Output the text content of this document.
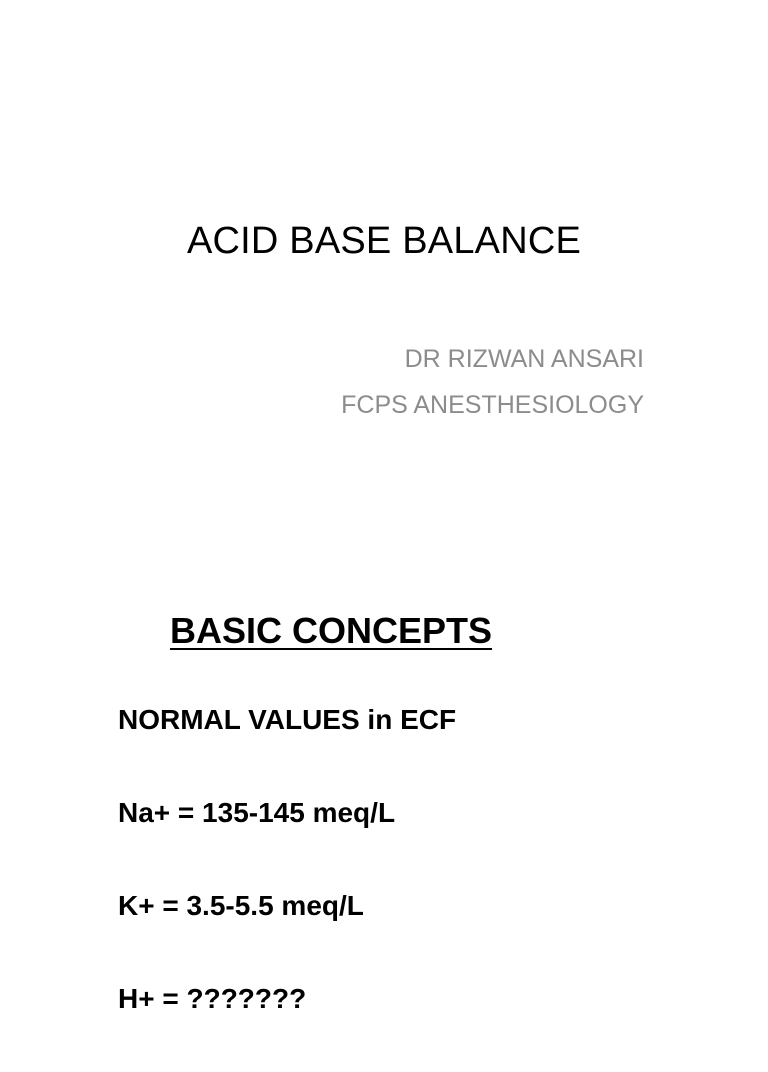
ACID BASE BALANCE
DR RIZWAN ANSARI
FCPS ANESTHESIOLOGY
BASIC CONCEPTS
NORMAL VALUES in ECF
Na+ = 135-145 meq/L
K+ = 3.5-5.5 meq/L
H+ = ???????
